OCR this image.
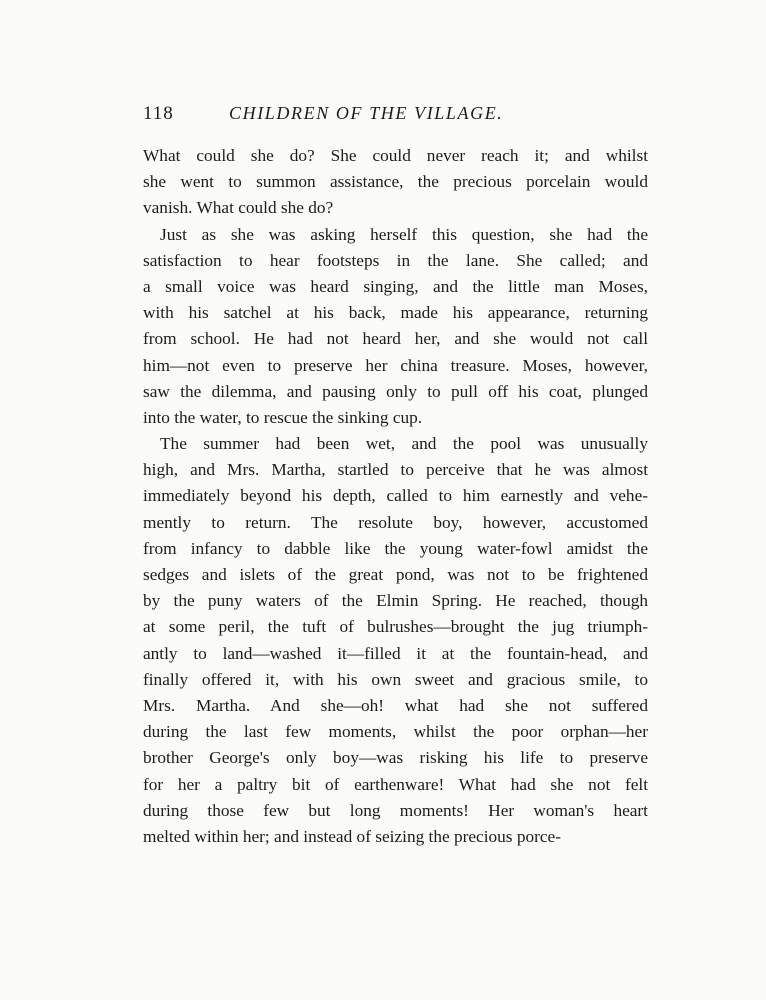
118	CHILDREN OF THE VILLAGE.
What could she do? She could never reach it; and whilst
she went to summon assistance, the precious porcelain would
vanish. What could she do?
Just as she was asking herself this question, she had the
satisfaction to hear footsteps in the lane. She called; and
a small voice was heard singing, and the little man Moses,
with his satchel at his back, made his appearance, returning
from school. He had not heard her, and she would not call
him—not even to preserve her china treasure. Moses, however,
saw the dilemma, and pausing only to pull off his coat, plunged
into the water, to rescue the sinking cup.
The summer had been wet, and the pool was unusually
high, and Mrs. Martha, startled to perceive that he was almost
immediately beyond his depth, called to him earnestly and vehe-
mently to return. The resolute boy, however, accustomed
from infancy to dabble like the young water-fowl amidst the
sedges and islets of the great pond, was not to be frightened
by the puny waters of the Elmin Spring. He reached, though
at some peril, the tuft of bulrushes—brought the jug triumph-
antly to land—washed it—filled it at the fountain-head, and
finally offered it, with his own sweet and gracious smile, to
Mrs. Martha. And she—oh! what had she not suffered
during the last few moments, whilst the poor orphan—her
brother George's only boy—was risking his life to preserve
for her a paltry bit of earthenware! What had she not felt
during those few but long moments! Her woman's heart
melted within her; and instead of seizing the precious porce-
